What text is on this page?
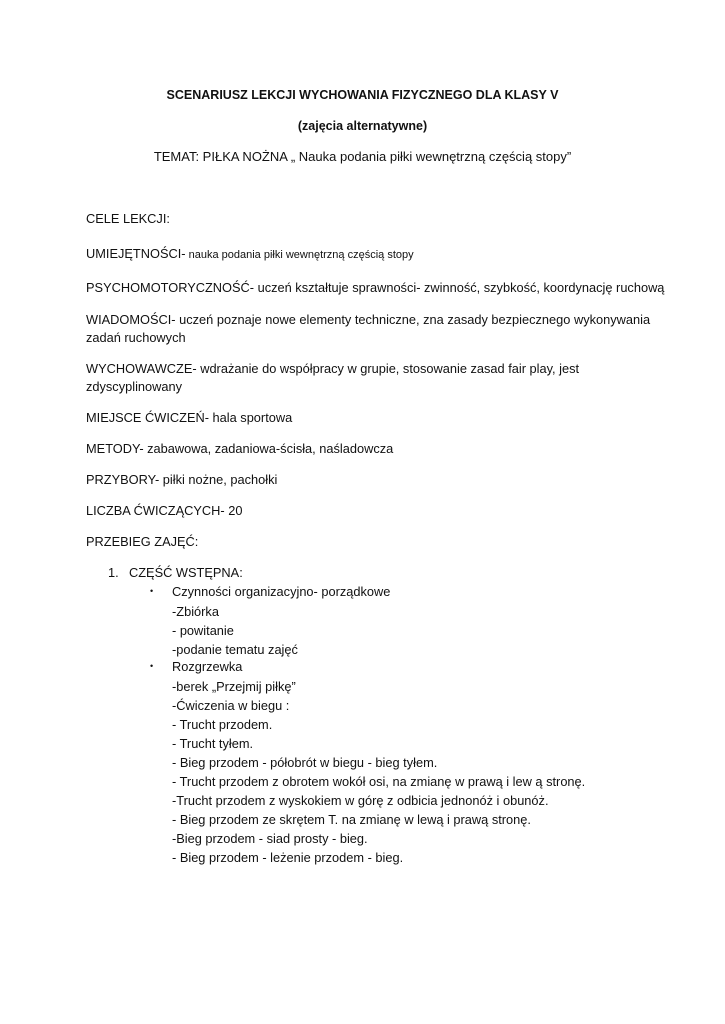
SCENARIUSZ LEKCJI WYCHOWANIA FIZYCZNEGO DLA KLASY V
(zajęcia alternatywne)
TEMAT: PIŁKA NOŻNA „ Nauka podania piłki wewnętrzną częścią stopy”
CELE LEKCJI:
UMIEJĘTNOŚCI- nauka podania piłki wewnętrzną częścią stopy
PSYCHOMOTORYCZNOŚĆ- uczeń kształtuje sprawności- zwinność, szybkość, koordynację ruchową
WIADOMOŚCI- uczeń poznaje nowe elementy techniczne, zna zasady bezpiecznego wykonywania
zadań ruchowych
WYCHOWAWCZE- wdrażanie do współpracy w grupie, stosowanie zasad fair play, jest
zdyscyplinowany
MIEJSCE ĆWICZEŃ- hala sportowa
METODY- zabawowa, zadaniowa-ścisła, naśladowcza
PRZYBORY- piłki nożne, pachołki
LICZBA ĆWICZĄCYCH- 20
PRZEBIEG ZAJĘĆ:
1. CZĘŚĆ WSTĘPNA:
• Czynności organizacyjno- porządkowe
-Zbiórka
- powitanie
-podanie tematu zajęć
• Rozgrzewka
-berek „Przejmij piłkę”
-Ćwiczenia w biegu :
- Trucht przodem.
- Trucht tyłem.
- Bieg przodem - półobrót w biegu - bieg tyłem.
- Trucht przodem z obrotem wokół osi, na zmianę w prawą i lew ą stronę.
-Trucht przodem z wyskokiem w górę z odbicia jednonóż i obunóż.
- Bieg przodem ze skrętem T. na zmianę w lewą i prawą stronę.
-Bieg przodem - siad prosty - bieg.
- Bieg przodem - leżenie przodem - bieg.
